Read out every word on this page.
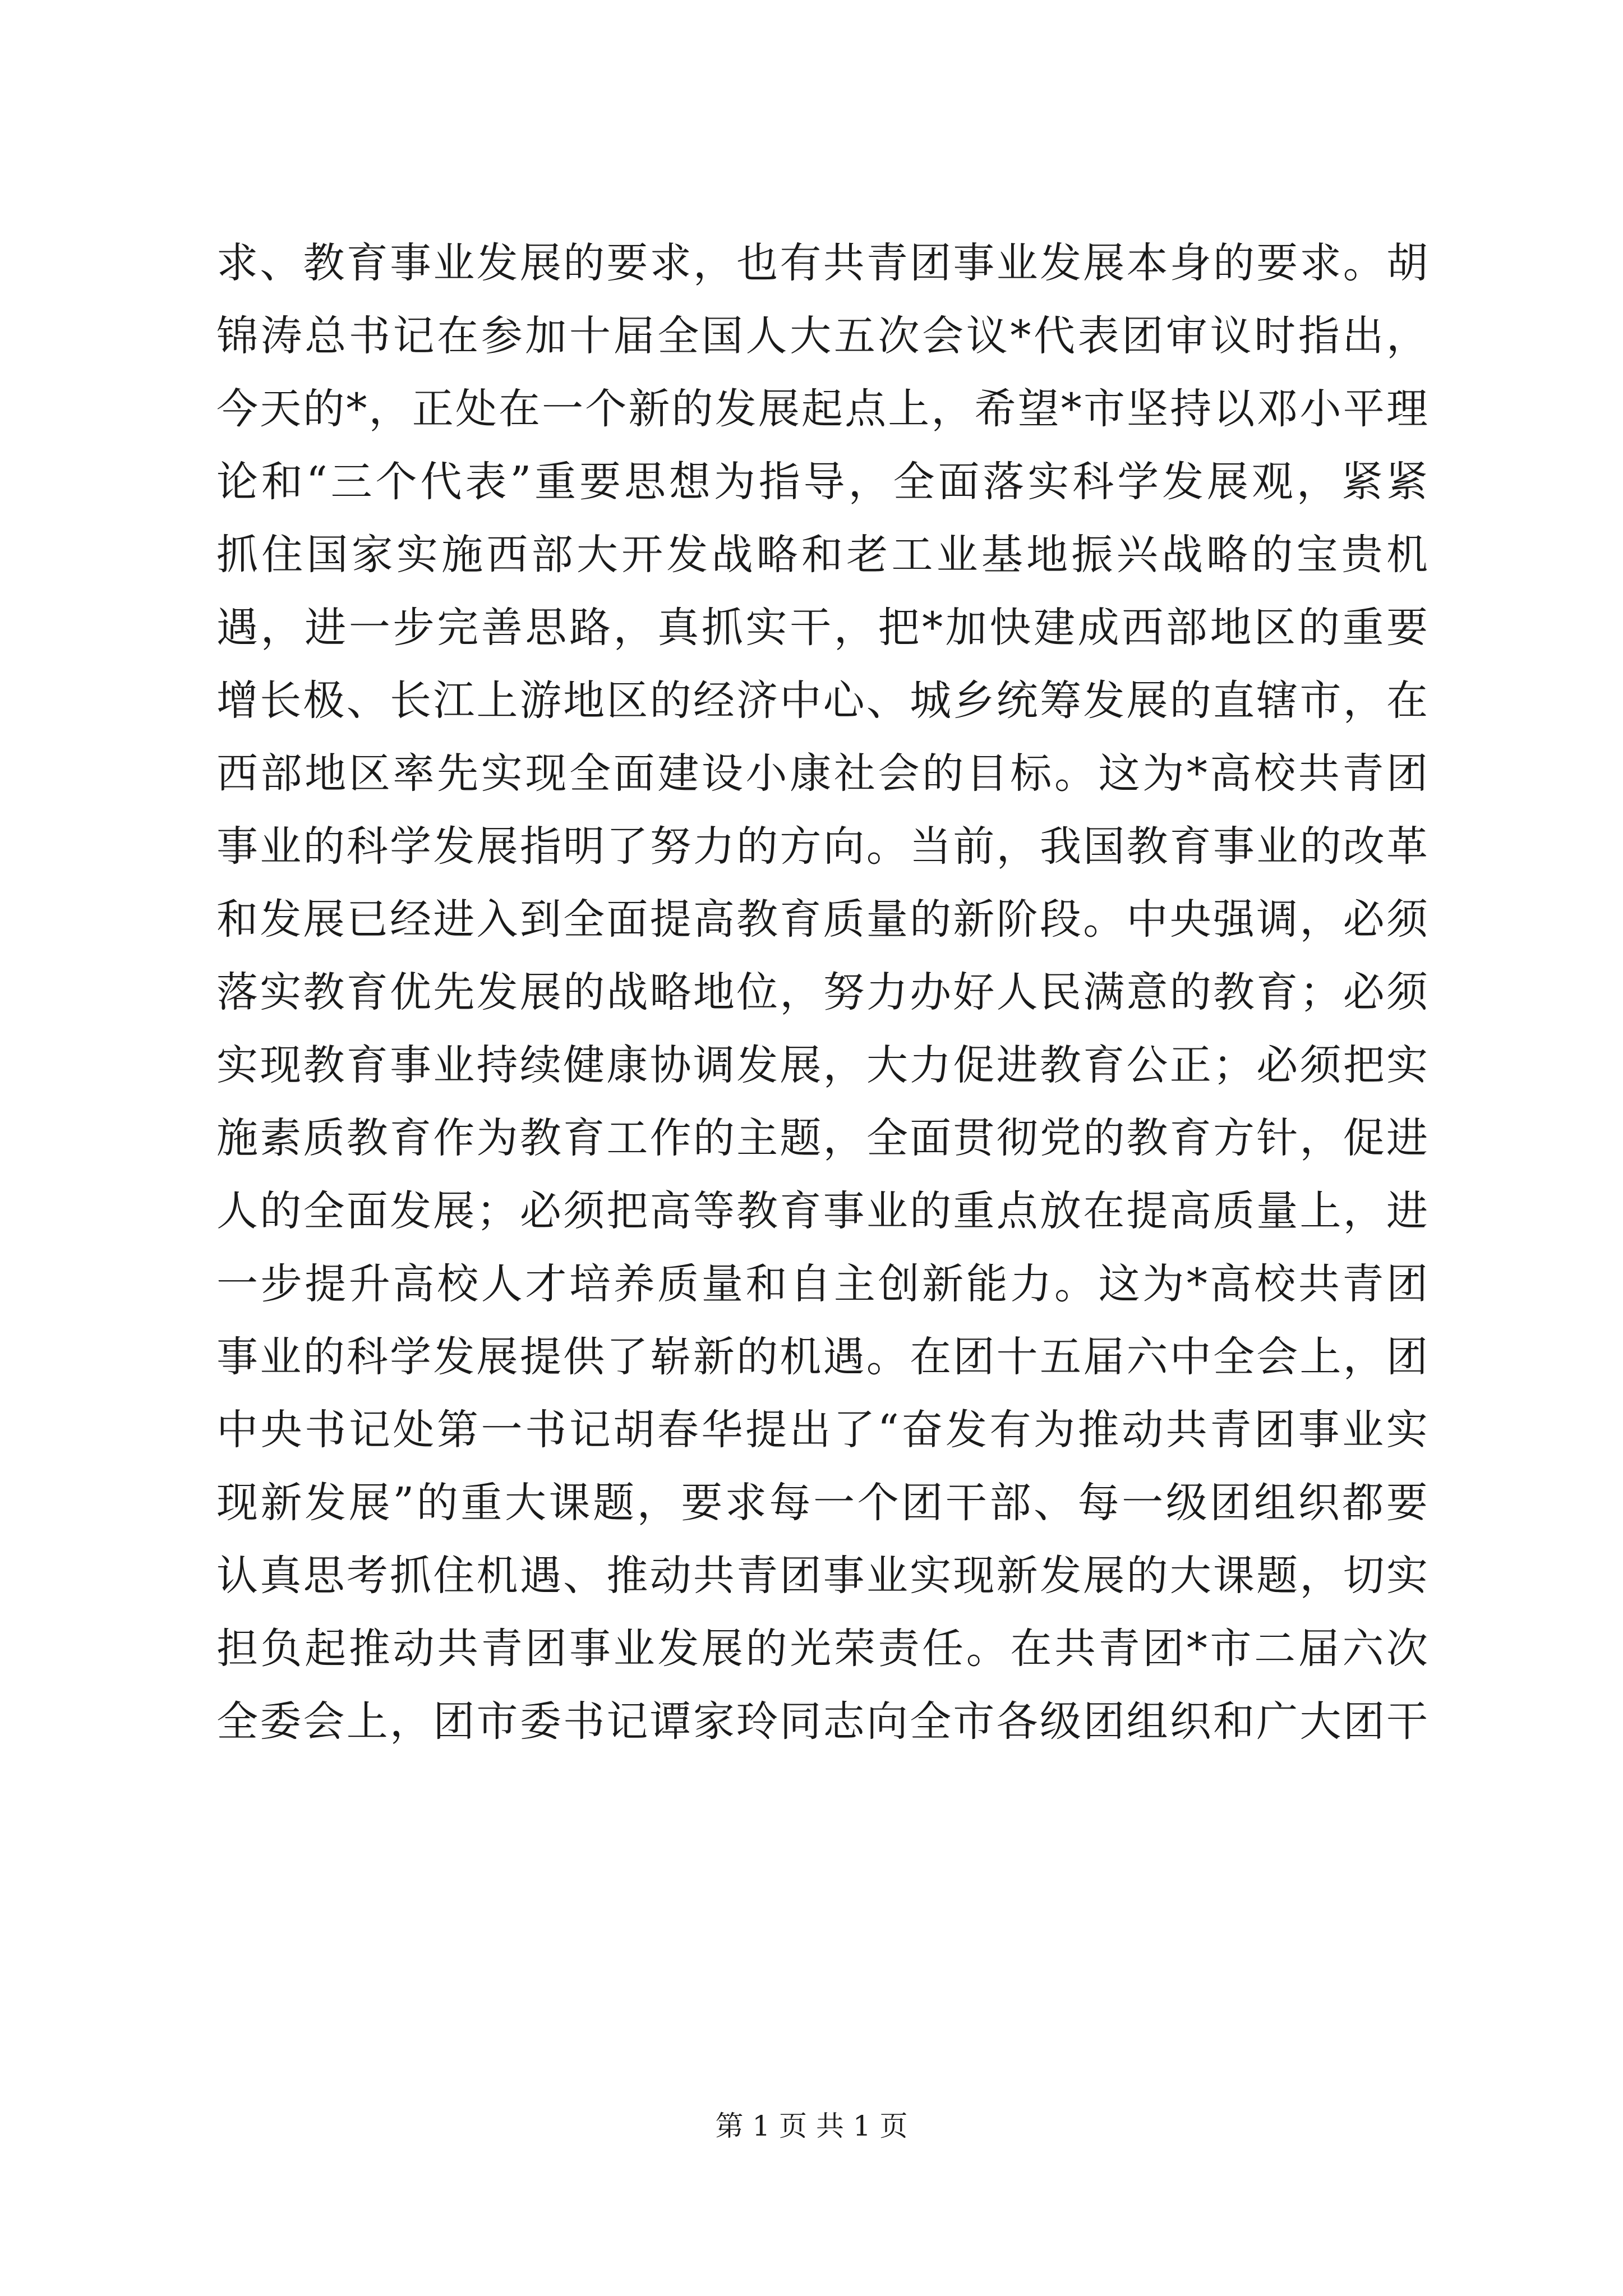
求、教育事业发展的要求，也有共青团事业发展本身的要求。胡
锦涛总书记在参加十届全国人大五次会议*代表团审议时指出，
今天的*，正处在一个新的发展起点上，希望*市坚持以邓小平理
论和“三个代表”重要思想为指导，全面落实科学发展观，紧紧
抓住国家实施西部大开发战略和老工业基地振兴战略的宝贵机
遇，进一步完善思路，真抓实干，把*加快建成西部地区的重要
增长极、长江上游地区的经济中心、城乡统筹发展的直辖市，在
西部地区率先实现全面建设小康社会的目标。这为*高校共青团
事业的科学发展指明了努力的方向。当前，我国教育事业的改革
和发展已经进入到全面提高教育质量的新阶段。中央强调，必须
落实教育优先发展的战略地位，努力办好人民满意的教育；必须
实现教育事业持续健康协调发展，大力促进教育公正；必须把实
施素质教育作为教育工作的主题，全面贯彻党的教育方针，促进
人的全面发展；必须把高等教育事业的重点放在提高质量上，进
一步提升高校人才培养质量和自主创新能力。这为*高校共青团
事业的科学发展提供了崭新的机遇。在团十五届六中全会上，团
中央书记处第一书记胡春华提出了“奋发有为推动共青团事业实
现新发展”的重大课题，要求每一个团干部、每一级团组织都要
认真思考抓住机遇、推动共青团事业实现新发展的大课题，切实
担负起推动共青团事业发展的光荣责任。在共青团*市二届六次
全委会上，团市委书记谭家玲同志向全市各级团组织和广大团干
第 1 页 共 1 页
